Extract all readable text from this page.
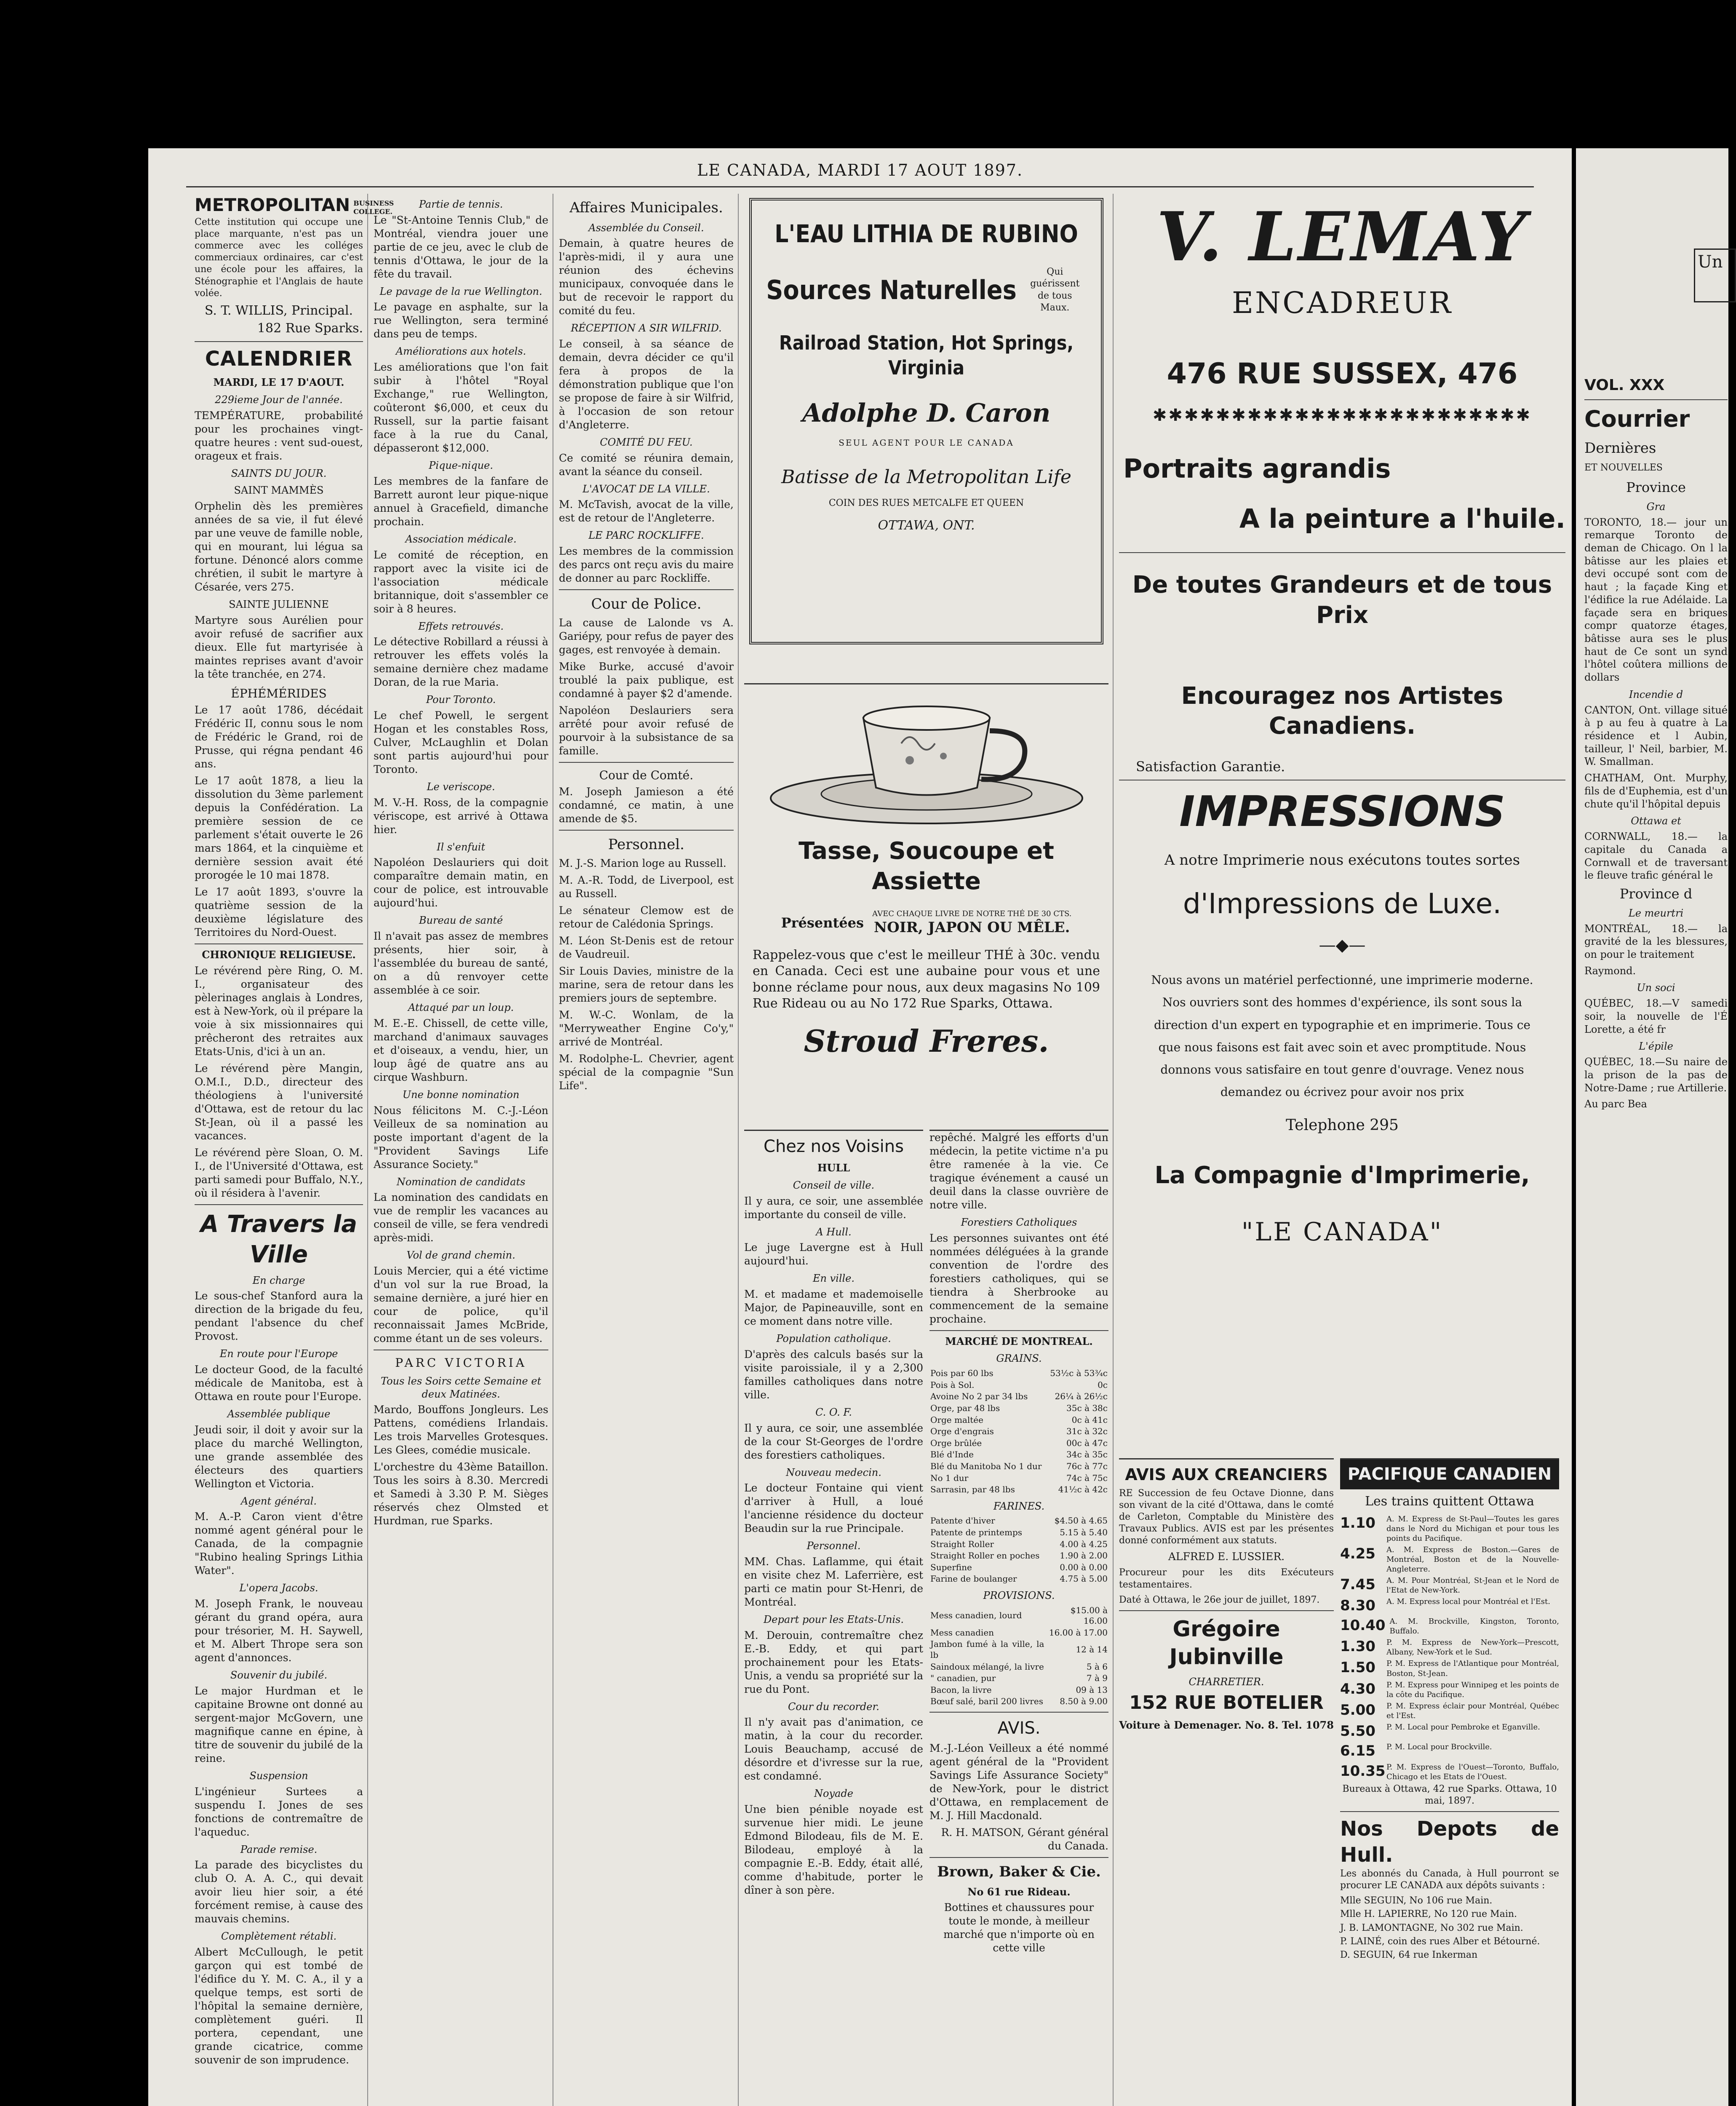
LE CANADA, MARDI 17 AOUT 1897.
METROPOLITAN BUSINESS COLLEGE.

Cette institution qui occupe une place marquante, n'est pas un commerce avec les colléges commerciaux ordinaires, car c'est une école pour les affaires, la Sténographie et l'Anglais de haute volée.

S. T. WILLIS, Principal.

182 Rue Sparks.

CALENDRIER
MARDI, LE 17 D'AOUT.
229ieme Jour de l'année.

TEMPÉRATURE, probabilité pour les prochaines vingt-quatre heures : vent sud-ouest, orageux et frais.

SAINTS DU JOUR.
SAINT MAMMÈS

Orphelin dès les premières années de sa vie, il fut élevé par une veuve de famille noble, qui en mourant, lui légua sa fortune. Dénoncé alors comme chrétien, il subit le martyre à Césarée, vers 275.

SAINTE JULIENNE

Martyre sous Aurélien pour avoir refusé de sacrifier aux dieux. Elle fut martyrisée à maintes reprises avant d'avoir la tête tranchée, en 274.

ÉPHÉMÉRIDES

Le 17 août 1786, décédait Frédéric II, connu sous le nom de Frédéric le Grand, roi de Prusse, qui régna pendant 46 ans.

Le 17 août 1878, a lieu la dissolution du 3ème parlement depuis la Confédération. La première session de ce parlement s'était ouverte le 26 mars 1864, et la cinquième et dernière session avait été prorogée le 10 mai 1878.

Le 17 août 1893, s'ouvre la quatrième session de la deuxième législature des Territoires du Nord-Ouest.

CHRONIQUE RELIGIEUSE.

Le révérend père Ring, O. M. I., organisateur des pèlerinages anglais à Londres, est à New-York, où il prépare la voie à six missionnaires qui prêcheront des retraites aux Etats-Unis, d'ici à un an.

Le révérend père Mangin, O.M.I., D.D., directeur des théologiens à l'université d'Ottawa, est de retour du lac St-Jean, où il a passé les vacances.

Le révérend père Sloan, O. M. I., de l'Université d'Ottawa, est parti samedi pour Buffalo, N.Y., où il résidera à l'avenir.

A Travers la Ville
En charge

Le sous-chef Stanford aura la direction de la brigade du feu, pendant l'absence du chef Provost.

En route pour l'Europe

Le docteur Good, de la faculté médicale de Manitoba, est à Ottawa en route pour l'Europe.

Assemblée publique

Jeudi soir, il doit y avoir sur la place du marché Wellington, une grande assemblée des électeurs des quartiers Wellington et Victoria.

Agent général.

M. A.-P. Caron vient d'être nommé agent général pour le Canada, de la compagnie "Rubino healing Springs Lithia Water".

L'opera Jacobs.

M. Joseph Frank, le nouveau gérant du grand opéra, aura pour trésorier, M. H. Saywell, et M. Albert Thrope sera son agent d'annonces.

Souvenir du jubilé.

Le major Hurdman et le capitaine Browne ont donné au sergent-major McGovern, une magnifique canne en épine, à titre de souvenir du jubilé de la reine.

Suspension

L'ingénieur Surtees a suspendu I. Jones de ses fonctions de contremaître de l'aqueduc.

Parade remise.

La parade des bicyclistes du club O. A. A. C., qui devait avoir lieu hier soir, a été forcément remise, à cause des mauvais chemins.

Complètement rétabli.

Albert McCullough, le petit garçon qui est tombé de l'édifice du Y. M. C. A., il y a quelque temps, est sorti de l'hôpital la semaine dernière, complètement guéri. Il portera, cependant, une grande cicatrice, comme souvenir de son imprudence.

Partie de tennis.

Le "St-Antoine Tennis Club," de Montréal, viendra jouer une partie de ce jeu, avec le club de tennis d'Ottawa, le jour de la fête du travail.

Le pavage de la rue Wellington.

Le pavage en asphalte, sur la rue Wellington, sera terminé dans peu de temps.

Améliorations aux hotels.

Les améliorations que l'on fait subir à l'hôtel "Royal Exchange," rue Wellington, coûteront $6,000, et ceux du Russell, sur la partie faisant face à la rue du Canal, dépasseront $12,000.

Pique-nique.

Les membres de la fanfare de Barrett auront leur pique-nique annuel à Gracefield, dimanche prochain.

Association médicale.

Le comité de réception, en rapport avec la visite ici de l'association médicale britannique, doit s'assembler ce soir à 8 heures.

Effets retrouvés.

Le détective Robillard a réussi à retrouver les effets volés la semaine dernière chez madame Doran, de la rue Maria.

Pour Toronto.

Le chef Powell, le sergent Hogan et les constables Ross, Culver, McLaughlin et Dolan sont partis aujourd'hui pour Toronto.

Le veriscope.

M. V.-H. Ross, de la compagnie vériscope, est arrivé à Ottawa hier.

Il s'enfuit

Napoléon Deslauriers qui doit comparaître demain matin, en cour de police, est introuvable aujourd'hui.

Bureau de santé

Il n'avait pas assez de membres présents, hier soir, à l'assemblée du bureau de santé, on a dû renvoyer cette assemblée à ce soir.

Attaqué par un loup.

M. E.-E. Chissell, de cette ville, marchand d'animaux sauvages et d'oiseaux, a vendu, hier, un loup âgé de quatre ans au cirque Washburn.

Une bonne nomination

Nous félicitons M. C.-J.-Léon Veilleux de sa nomination au poste important d'agent de la "Provident Savings Life Assurance Society."

Nomination de candidats

La nomination des candidats en vue de remplir les vacances au conseil de ville, se fera vendredi après-midi.

Vol de grand chemin.

Louis Mercier, qui a été victime d'un vol sur la rue Broad, la semaine dernière, a juré hier en cour de police, qu'il reconnaissait James McBride, comme étant un de ses voleurs.

PARC VICTORIA
Tous les Soirs cette Semaine et deux Matinées.

Mardo, Bouffons Jongleurs. Les Pattens, comédiens Irlandais. Les trois Marvelles Grotesques. Les Glees, comédie musicale.

L'orchestre du 43ème Bataillon. Tous les soirs à 8.30. Mercredi et Samedi à 3.30 P. M. Sièges réservés chez Olmsted et Hurdman, rue Sparks.

Affaires Municipales.
Assemblée du Conseil.

Demain, à quatre heures de l'après-midi, il y aura une réunion des échevins municipaux, convoquée dans le but de recevoir le rapport du comité du feu.

RÉCEPTION A SIR WILFRID.

Le conseil, à sa séance de demain, devra décider ce qu'il fera à propos de la démonstration publique que l'on se propose de faire à sir Wilfrid, à l'occasion de son retour d'Angleterre.

COMITÉ DU FEU.

Ce comité se réunira demain, avant la séance du conseil.

L'AVOCAT DE LA VILLE.

M. McTavish, avocat de la ville, est de retour de l'Angleterre.

LE PARC ROCKLIFFE.

Les membres de la commission des parcs ont reçu avis du maire de donner au parc Rockliffe.

Cour de Police.

La cause de Lalonde vs A. Gariépy, pour refus de payer des gages, est renvoyée à demain.

Mike Burke, accusé d'avoir troublé la paix publique, est condamné à payer $2 d'amende.

Napoléon Deslauriers sera arrêté pour avoir refusé de pourvoir à la subsistance de sa famille.

Cour de Comté.

M. Joseph Jamieson a été condamné, ce matin, à une amende de $5.

Personnel.

M. J.-S. Marion loge au Russell.

M. A.-R. Todd, de Liverpool, est au Russell.

Le sénateur Clemow est de retour de Calédonia Springs.

M. Léon St-Denis est de retour de Vaudreuil.

Sir Louis Davies, ministre de la marine, sera de retour dans les premiers jours de septembre.

M. W.-C. Wonlam, de la "Merryweather Engine Co'y," arrivé de Montréal.

M. Rodolphe-L. Chevrier, agent spécial de la compagnie "Sun Life".

L'EAU LITHIA DE RUBINO
Sources Naturelles
Qui guérissent de tous Maux.
Railroad Station, Hot Springs, Virginia
Adolphe D. Caron
SEUL AGENT POUR LE CANADA
Batisse de la Metropolitan Life
COIN DES RUES METCALFE ET QUEEN
OTTAWA, ONT.
Tasse, Soucoupe et Assiette
Présentées
AVEC CHAQUE LIVRE DE NOTRE THÉ DE 30 CTS.
NOIR, JAPON OU MÊLE.

Rappelez-vous que c'est le meilleur THÉ à 30c. vendu en Canada. Ceci est une aubaine pour vous et une bonne réclame pour nous, aux deux magasins No 109 Rue Rideau ou au No 172 Rue Sparks, Ottawa.

Stroud Freres.
Chez nos Voisins
HULL
Conseil de ville.

Il y aura, ce soir, une assemblée importante du conseil de ville.

A Hull.

Le juge Lavergne est à Hull aujourd'hui.

En ville.

M. et madame et mademoiselle Major, de Papineauville, sont en ce moment dans notre ville.

Population catholique.

D'après des calculs basés sur la visite paroissiale, il y a 2,300 familles catholiques dans notre ville.

C. O. F.

Il y aura, ce soir, une assemblée de la cour St-Georges de l'ordre des forestiers catholiques.

Nouveau medecin.

Le docteur Fontaine qui vient d'arriver à Hull, a loué l'ancienne résidence du docteur Beaudin sur la rue Principale.

Personnel.

MM. Chas. Laflamme, qui était en visite chez M. Laferrière, est parti ce matin pour St-Henri, de Montréal.

Depart pour les Etats-Unis.

M. Derouin, contremaître chez E.-B. Eddy, et qui part prochainement pour les Etats-Unis, a vendu sa propriété sur la rue du Pont.

Cour du recorder.

Il n'y avait pas d'animation, ce matin, à la cour du recorder. Louis Beauchamp, accusé de désordre et d'ivresse sur la rue, est condamné.

Noyade

Une bien pénible noyade est survenue hier midi. Le jeune Edmond Bilodeau, fils de M. E. Bilodeau, employé à la compagnie E.-B. Eddy, était allé, comme d'habitude, porter le dîner à son père.

repêché. Malgré les efforts d'un médecin, la petite victime n'a pu être ramenée à la vie. Ce tragique événement a causé un deuil dans la classe ouvrière de notre ville.

Forestiers Catholiques

Les personnes suivantes ont été nommées déléguées à la grande convention de l'ordre des forestiers catholiques, qui se tiendra à Sherbrooke au commencement de la semaine prochaine.

MARCHÉ DE MONTREAL.
GRAINS.
Pois par 60 lbs	53½c à 53¾c
Pois à Sol.	0c
Avoine No 2 par 34 lbs	26¼ à 26½c
Orge, par 48 lbs	35c à 38c
Orge maltée	0c à 41c
Orge d'engrais	31c à 32c
Orge brûlée	00c à 47c
Blé d'Inde	34c à 35c
Blé du Manitoba No 1 dur	76c à 77c
No 1 dur	74c à 75c
Sarrasin, par 48 lbs	41½c à 42c
FARINES.
Patente d'hiver	$4.50 à 4.65
Patente de printemps	5.15 à 5.40
Straight Roller	4.00 à 4.25
Straight Roller en poches	1.90 à 2.00
Superfine	0.00 à 0.00
Farine de boulanger	4.75 à 5.00
PROVISIONS.
Mess canadien, lourd	$15.00 à 16.00
Mess canadien	16.00 à 17.00
Jambon fumé à la ville, la lb	12 à 14
Saindoux mélangé, la livre	5 à 6
" canadien, pur	7 à 9
Bacon, la livre	09 à 13
Bœuf salé, baril 200 livres	8.50 à 9.00
AVIS.

M.-J.-Léon Veilleux a été nommé agent général de la "Provident Savings Life Assurance Society" de New-York, pour le district d'Ottawa, en remplacement de M. J. Hill Macdonald.

R. H. MATSON, Gérant général du Canada.

Brown, Baker & Cie.
No 61 rue Rideau.

Bottines et chaussures pour toute le monde, à meilleur marché que n'importe où en cette ville

V. LEMAY
ENCADREUR
476 RUE SUSSEX, 476
✱✱✱✱✱✱✱✱✱✱✱✱✱✱✱✱✱✱✱✱✱✱✱✱
Portraits agrandis
A la peinture a l'huile.
De toutes Grandeurs et de tous Prix
Encouragez nos Artistes Canadiens.
Satisfaction Garantie.
IMPRESSIONS
A notre Imprimerie nous exécutons toutes sortes
d'Impressions de Luxe.
—◆—

Nous avons un matériel perfectionné, une imprimerie moderne. Nos ouvriers sont des hommes d'expérience, ils sont sous la direction d'un expert en typographie et en imprimerie. Tous ce que nous faisons est fait avec soin et avec promptitude. Nous donnons vous satisfaire en tout genre d'ouvrage. Venez nous demandez ou écrivez pour avoir nos prix

Telephone 295
La Compagnie d'Imprimerie,
"LE CANADA"
AVIS AUX CREANCIERS

RE Succession de feu Octave Dionne, dans son vivant de la cité d'Ottawa, dans le comté de Carleton, Comptable du Ministère des Travaux Publics. AVIS est par les présentes donné conformément aux statuts.

ALFRED E. LUSSIER.

Procureur pour les dits Exécuteurs testamentaires.

Daté à Ottawa, le 26e jour de juillet, 1897.

Grégoire Jubinville
CHARRETIER.
152 RUE BOTELIER

Voiture à Demenager. No. 8. Tel. 1078

PACIFIQUE CANADIEN
Les trains quittent Ottawa
1.10	A. M. Express de St-Paul—Toutes les gares dans le Nord du Michigan et pour tous les points du Pacifique.
4.25	A. M. Express de Boston.—Gares de Montréal, Boston et de la Nouvelle-Angleterre.
7.45	A. M. Pour Montréal, St-Jean et le Nord de l'Etat de New-York.
8.30	A. M. Express local pour Montréal et l'Est.
10.40 A. M. Brockville, Kingston, Toronto, Buffalo.
1.30	P. M. Express de New-York—Prescott, Albany, New-York et le Sud.
1.50	P. M. Express de l'Atlantique pour Montréal, Boston, St-Jean.
4.30	P. M. Express pour Winnipeg et les points de la côte du Pacifique.
5.00	P. M. Express éclair pour Montréal, Québec et l'Est.
5.50	P. M. Local pour Pembroke et Eganville.
6.15	P. M. Local pour Brockville.
10.35 P. M. Express de l'Ouest—Toronto, Buffalo, Chicago et les Etats de l'Ouest.

Bureaux à Ottawa, 42 rue Sparks. Ottawa, 10 mai, 1897.

Nos Depots de Hull.

Les abonnés du Canada, à Hull pourront se procurer LE CANADA aux dépôts suivants :

Mlle SEGUIN, No 106 rue Main.
Mlle H. LAPIERRE, No 120 rue Main.
J. B. LAMONTAGNE, No 302 rue Main.
P. LAINÉ, coin des rues Alber et Bétourné.
D. SEGUIN, 64 rue Inkerman
Un
VOL. XXX
Courrier
Dernières
ET NOUVELLES
Province
Gra

TORONTO, 18.— jour un remarque Toronto de deman de Chicago. On l la bâtisse aur les plaies et devi occupé sont com de haut ; la façade King et l'édifice la rue Adélaide. La façade sera en briques compr quatorze étages, bâtisse aura ses le plus haut de Ce sont un synd l'hôtel coûtera millions de dollars

Incendie d

CANTON, Ont. village situé à p au feu à quatre à La résidence et l Aubin, tailleur, l' Neil, barbier, M. W. Smallman.

CHATHAM, Ont. Murphy, fils de d'Euphemia, est d'un chute qu'il l'hôpital depuis

Ottawa et

CORNWALL, 18.— la capitale du Canada a Cornwall et de traversant le fleuve trafic général le

Province d
Le meurtri

MONTRÉAL, 18.— la gravité de la les blessures, on pour le traitement

Raymond.

Un soci

QUÉBEC, 18.—V samedi soir, la nouvelle de l'É Lorette, a été fr

L'épile

QUÉBEC, 18.—Su naire de la prison de la pas de Notre-Dame ; rue Artillerie.

Au parc Bea
